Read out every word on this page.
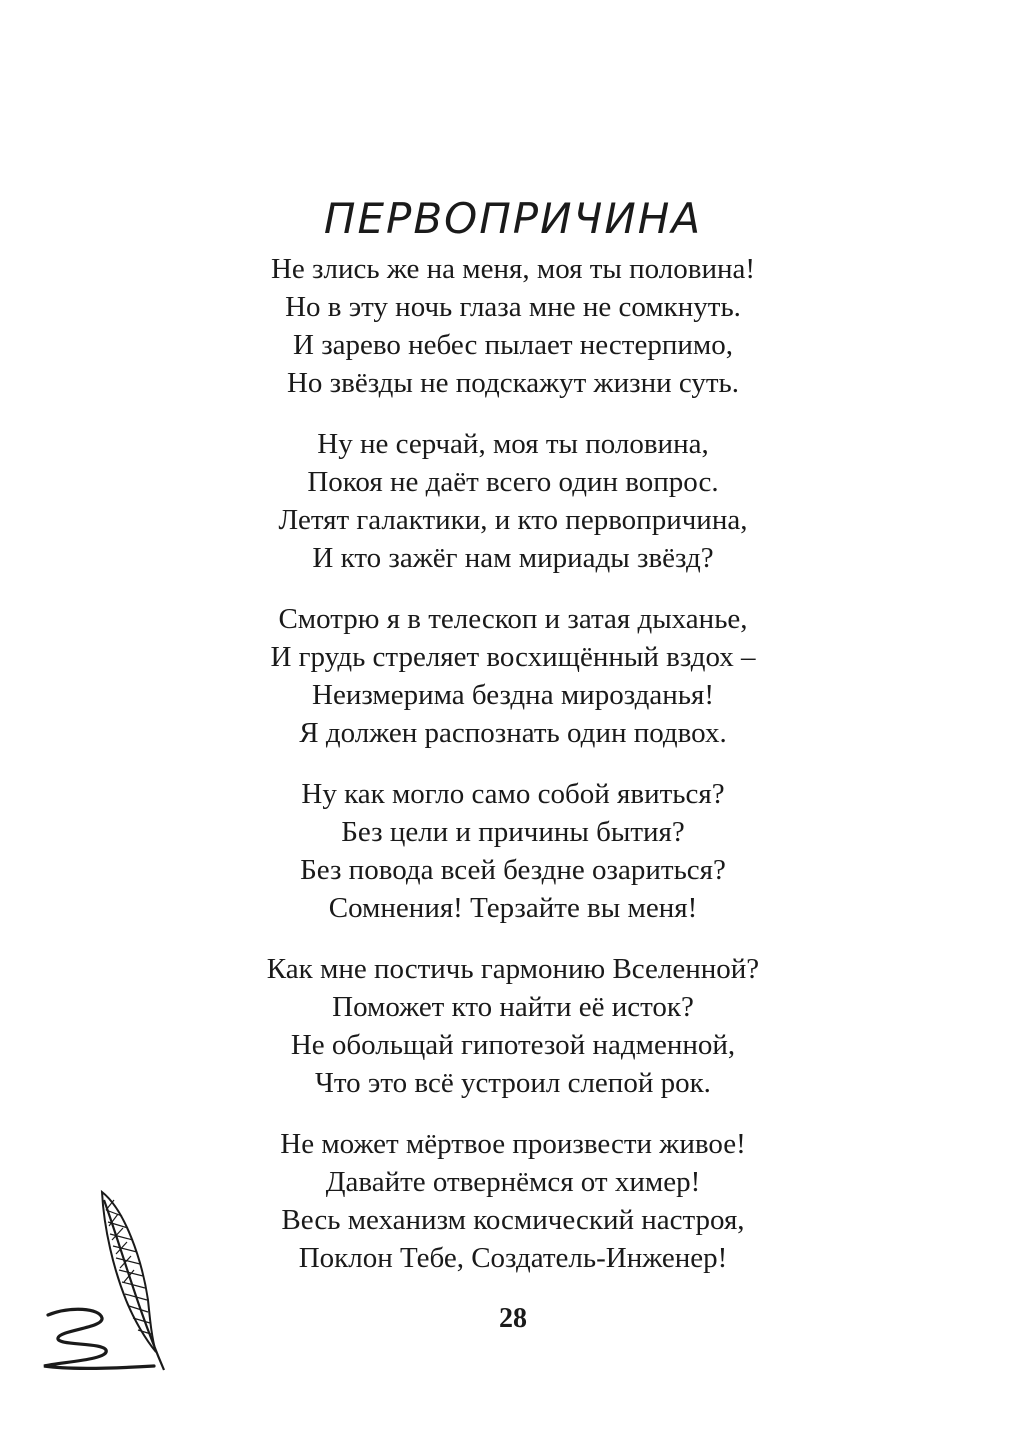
ПЕРВОПРИЧИНА
Не злись же на меня, моя ты половина!
Но в эту ночь глаза мне не сомкнуть.
И зарево небес пылает нестерпимо,
Но звёзды не подскажут жизни суть.
Ну не серчай, моя ты половина,
Покоя не даёт всего один вопрос.
Летят галактики, и кто первопричина,
И кто зажёг нам мириады звёзд?
Смотрю я в телескоп и затая дыханье,
И грудь стреляет восхищённый вздох –
Неизмерима бездна мирозданья!
Я должен распознать один подвох.
Ну как могло само собой явиться?
Без цели и причины бытия?
Без повода всей бездне озариться?
Сомнения! Терзайте вы меня!
Как мне постичь гармонию Вселенной?
Поможет кто найти её исток?
Не обольщай гипотезой надменной,
Что это всё устроил слепой рок.
Не может мёртвое произвести живое!
Давайте отвернёмся от химер!
Весь механизм космический настроя,
Поклон Тебе, Создатель-Инженер!
28
